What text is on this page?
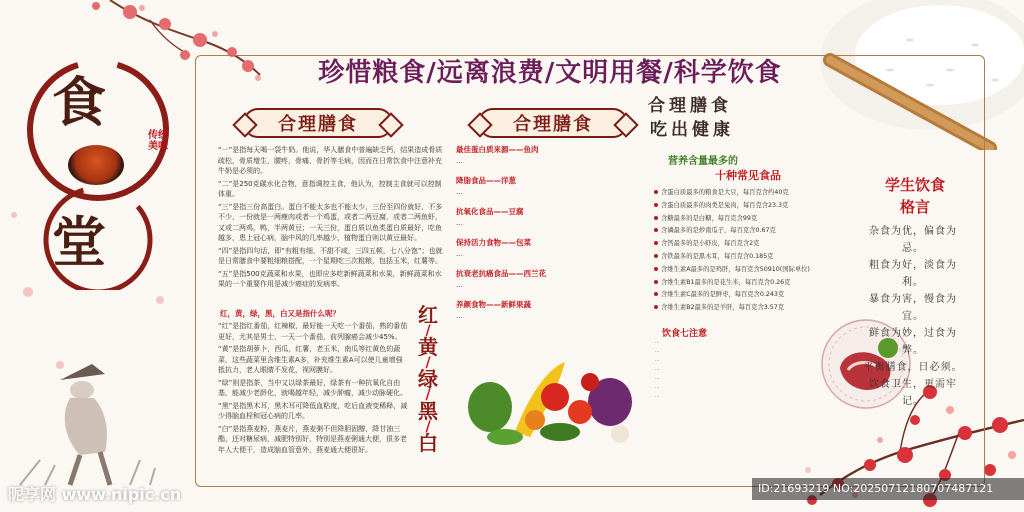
食
堂
传统美味
珍惜粮食/远离浪费/文明用餐/科学饮食
合理膳食

“一”是指每天喝一袋牛奶。他说，华人膳食中普遍缺乏钙，结果造成骨质疏松，骨质增生，腰疼，骨痛，骨折等毛病，因而在日常饮食中注意补充牛奶是必须的。

“二”是250克碳水化合物，意指调控主食，他认为，控制主食就可以控制体重。

“三”是指三份高蛋白。蛋白不能太多也不能太少，三份至四份就好，不多不少，一份就是一两瘦肉或者一个鸡蛋，或者二两豆腐，或者二两鱼虾，又或二两鸡，鸭，半两黄豆；一天三份，蛋白质以鱼类蛋白质最好，吃鱼越多，患上冠心病，脑中风的几率越少，植物蛋白则以黄豆最好。

“四”是指四句话，即“有粗有细，不甜不咸，三四五顿，七八分饱”；也就是日常膳食中要粗细粮搭配，一个星期吃三次粗粮，包括玉米，红薯等。

“五”是指500克蔬菜和水果，也即应多吃新鲜蔬菜和水果，新鲜蔬菜和水果的一个重要作用是减少癌症的发病率。

红，黄，绿，黑，白又是指什么呢？

“红”是指红番茄，红辣椒，最好能一天吃一个番茄，熟的番茄更好，尤其是男士，一天一个番茄，前列腺癌会减少45%。

“黄”是指胡萝卜，西瓜，红薯，老玉米，南瓜等红黄色的蔬菜，这些蔬菜里含维生素A多，补充维生素A可以使儿童增强抵抗力，老人眼睛不发花，视网膜好。

“绿”则是指茶，当中又以绿茶最好，绿茶有一种抗氧化自由基，能减少老龄化，就喝越年轻，减少肿瘤，减少动脉硬化。

“黑”是指黑木耳，黑木耳可降低血粘度，吃后血液变稀释，减少得脑血栓和冠心病的几率。

“白”是指燕麦粉，燕麦片，燕麦粥不但降胆固醇，降甘油三酯，还对糖尿病，减肥特别好，特别是燕麦粥通大便，很多老年人大便干，造成脑血管意外，燕麦通大便很好。

红
/
黄
/
绿
/
黑
/
白
合理膳食
最佳蛋白质来源——鱼肉

…

降脂食品——洋葱

…

抗氧化食品——豆腐

…

保持活力食物——包菜

…

抗衰老抗癌食品——西兰花

…

养颜食物——新鲜果蔬

…

合理膳食
吃出健康
营养含量最多的
十种常见食品
含蛋白质最多的粮食是大豆，每百克含约40克
含蛋白质最多的肉类是兔肉，每百克含23.3克
含糖最多的是白糖，每百克含99克
含磷最多的是炒南瓜子，每百克含0.67克
含钙最多的是小虾皮，每百克含2克
含铁最多的是黑木耳，每百克含0.185克
含维生素A最多的是鸡肝，每百克含50910(国际单位)
含维生素B1最多的是花生米，每百克含0.26克
含维生素C最多的是鲜枣，每百克含0.243克
含维生素B2最多的是羊肝，每百克含3.57克
饮食七注意
…
…
…
…
…
…
…
学生饮食
格言
杂食为优，偏食为忌。
粗食为好，淡食为利。
暴食为害，慢食为宜。
鲜食为妙，过食为弊。
平衡膳食，日必须。
饮食卫生，更需牢记。
昵享网 www.nipic.cn	ID:21693219 NO:20250712180707487121
